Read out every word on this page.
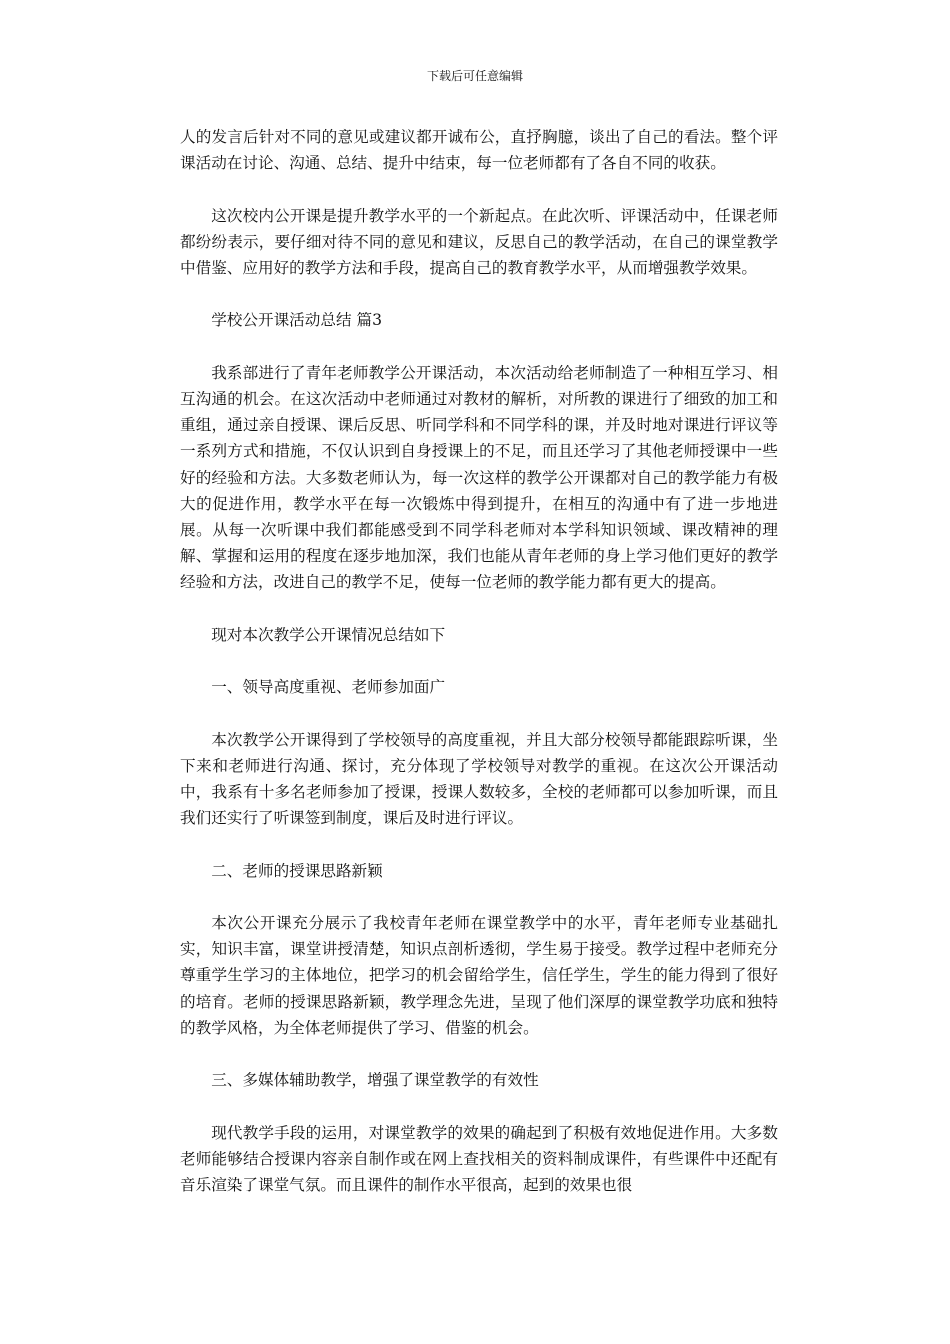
下载后可任意编辑

人的发言后针对不同的意见或建议都开诚布公，直抒胸臆，谈出了自己的看法。整个评课活动在讨论、沟通、总结、提升中结束，每一位老师都有了各自不同的收获。

这次校内公开课是提升教学水平的一个新起点。在此次听、评课活动中，任课老师都纷纷表示，要仔细对待不同的意见和建议，反思自己的教学活动，在自己的课堂教学中借鉴、应用好的教学方法和手段，提高自己的教育教学水平，从而增强教学效果。

学校公开课活动总结 篇3

我系部进行了青年老师教学公开课活动，本次活动给老师制造了一种相互学习、相互沟通的机会。在这次活动中老师通过对教材的解析，对所教的课进行了细致的加工和重组，通过亲自授课、课后反思、听同学科和不同学科的课，并及时地对课进行评议等一系列方式和措施，不仅认识到自身授课上的不足，而且还学习了其他老师授课中一些好的经验和方法。大多数老师认为，每一次这样的教学公开课都对自己的教学能力有极大的促进作用，教学水平在每一次锻炼中得到提升，在相互的沟通中有了进一步地进展。从每一次听课中我们都能感受到不同学科老师对本学科知识领域、课改精神的理解、掌握和运用的程度在逐步地加深，我们也能从青年老师的身上学习他们更好的教学经验和方法，改进自己的教学不足，使每一位老师的教学能力都有更大的提高。

现对本次教学公开课情况总结如下

一、领导高度重视、老师参加面广

本次教学公开课得到了学校领导的高度重视，并且大部分校领导都能跟踪听课，坐下来和老师进行沟通、探讨，充分体现了学校领导对教学的重视。在这次公开课活动中，我系有十多名老师参加了授课，授课人数较多，全校的老师都可以参加听课，而且我们还实行了听课签到制度，课后及时进行评议。

二、老师的授课思路新颖

本次公开课充分展示了我校青年老师在课堂教学中的水平，青年老师专业基础扎实，知识丰富，课堂讲授清楚，知识点剖析透彻，学生易于接受。教学过程中老师充分尊重学生学习的主体地位，把学习的机会留给学生，信任学生，学生的能力得到了很好的培育。老师的授课思路新颖，教学理念先进，呈现了他们深厚的课堂教学功底和独特的教学风格，为全体老师提供了学习、借鉴的机会。

三、多媒体辅助教学，增强了课堂教学的有效性

现代教学手段的运用，对课堂教学的效果的确起到了积极有效地促进作用。大多数老师能够结合授课内容亲自制作或在网上查找相关的资料制成课件，有些课件中还配有音乐渲染了课堂气氛。而且课件的制作水平很高，起到的效果也很
